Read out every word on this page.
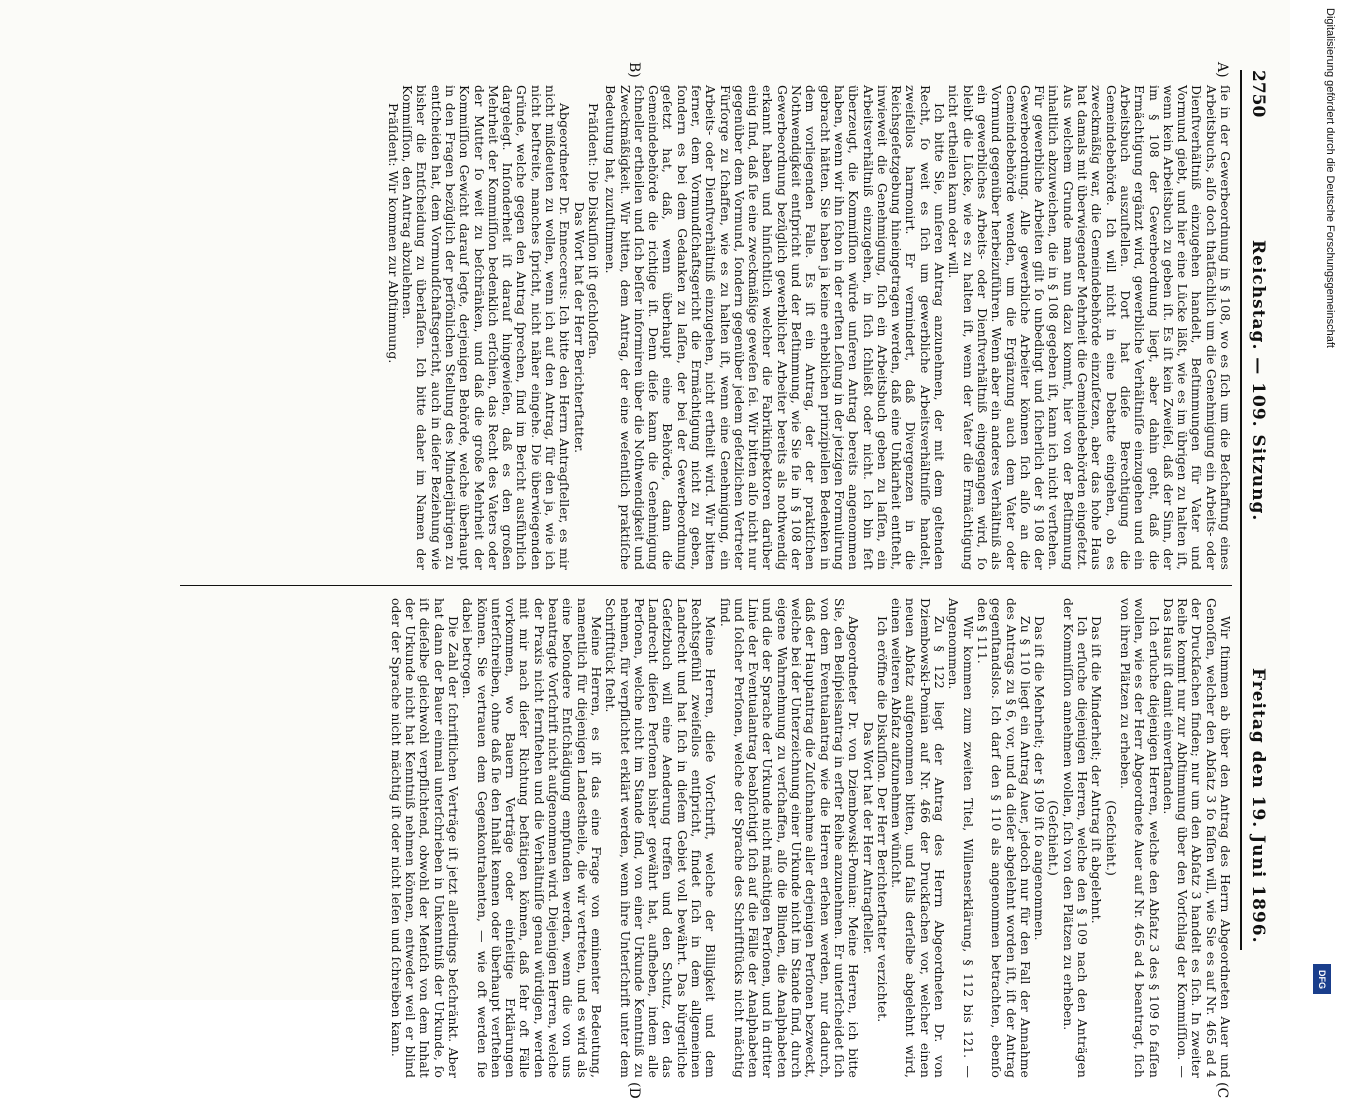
2750
Reichstag. — 109. Sitzung.
Freitag den 19. Juni 1896.
A)
B)
(C
(D

ſie in der Gewerbeordnung in § 108, wo es ſich um die Beſchaffung eines Arbeitsbuchs, alſo doch thatſächlich um die Genehmigung ein Arbeits- oder Dienſtverhältniß einzugehen handelt, Beſtimmungen für Vater und Vormund giebt, und hier eine Lücke läßt, wie es im übrigen zu halten iſt, wenn kein Arbeitsbuch zu geben iſt. Es iſt kein Zweifel, daß der Sinn, der im § 108 der Gewerbeordnung liegt, aber dahin geht, daß die Ermächtigung ergänzt wird, gewerbliche Verhältniſſe einzugehen und ein Arbeitsbuch auszuſtellen. Dort hat dieſe Berechtigung die Gemeindebehörde. Ich will nicht in eine Debatte eingehen, ob es zweckmäßig war, die Gemeindebehörde einzuſetzen, aber das hohe Haus hat damals mit überwiegender Mehrheit die Gemeindebehörden eingeſetzt. Aus welchem Grunde man nun dazu kommt, hier von der Beſtimmung inhaltlich abzuweichen, die in § 108 gegeben iſt, kann ich nicht verſtehen. Für gewerbliche Arbeiten gilt ſo unbedingt und ſicherlich der § 108 der Gewerbeordnung. Alle gewerbliche Arbeiter können ſich alſo an die Gemeindebehörde wenden, um die Ergänzung auch dem Vater oder Vormund gegenüber herbeizuführen. Wenn aber ein anderes Verhältniß als ein gewerbliches Arbeits- oder Dienſtverhältniß eingegangen wird, ſo bleibt die Lücke, wie es zu halten iſt, wenn der Vater die Ermächtigung nicht ertheilen kann oder will.

Ich bitte Sie, unſeren Antrag anzunehmen, der mit dem geltenden Recht, ſo weit es ſich um gewerbliche Arbeitsverhältniſſe handelt, zweifellos harmonirt. Er vermindert, daß Divergenzen in die Reichsgeſetzgebung hineingetragen werden, daß eine Unklarheit entſteht, inwieweit die Genehmigung, ſich ein Arbeitsbuch geben zu laſſen, ein Arbeitsverhältniß einzugehen, in ſich ſchließt oder nicht. Ich bin feſt überzeugt, die Kommiſſion würde unſeren Antrag bereits angenommen haben, wenn wir ihn ſchon in der erſten Leſung in der jetzigen Formulirung gebracht hätten. Sie haben ja keine erheblichen prinzipiellen Bedenken in dem vorliegenden Falle. Es iſt ein Antrag, der der praktiſchen Nothwendigkeit entſpricht und der Beſtimmung, wie Sie ſie in § 108 der Gewerbeordnung bezüglich gewerblicher Arbeiter bereits als nothwendig erkannt haben und hinſichtlich welcher die Fabrikinſpektoren darüber einig ſind, daß ſie eine zweckmäßige geweſen ſei. Wir bitten alſo nicht nur gegenüber dem Vormund, ſondern gegenüber jedem geſetzlichen Vertreter Fürſorge zu ſchaffen, wie es zu halten iſt, wenn eine Genehmigung, ein Arbeits- oder Dienſtverhältniß einzugehen, nicht ertheilt wird. Wir bitten ferner, dem Vormundſchaftsgericht die Ermächtigung nicht zu geben, ſondern es bei dem Gedanken zu laſſen, der bei der Gewerbeordnung geſetzt hat, daß, wenn überhaupt eine Behörde, dann die Gemeindebehörde die richtige iſt. Denn dieſe kann die Genehmigung ſchneller ertheilen und ſich beſſer informiren über die Nothwendigkeit und Zweckmäßigkeit. Wir bitten, dem Antrag, der eine weſentlich praktiſche Bedeutung hat, zuzuſtimmen.

Präſident: Die Diskuſſion iſt geſchloſſen.

Das Wort hat der Herr Berichterſtatter.

Abgeordneter Dr. Enneccerus: Ich bitte den Herrn Antragſteller, es mir nicht mißdeuten zu wollen, wenn ich auf den Antrag, für den ja, wie ich nicht beſtreite, manches ſpricht, nicht näher eingehe. Die überwiegenden Gründe, welche gegen den Antrag ſprechen, ſind im Bericht ausführlich dargelegt. Inſonderheit iſt darauf hingewieſen, daß es den großen Mehrheit der Kommiſſion bedenklich erſchien, das Recht des Vaters oder der Mutter ſo weit zu beſchränken, und daß die große Mehrheit der Kommiſſion Gewicht darauf legte, derjenigen Behörde, welche überhaupt in den Fragen bezüglich der perſönlichen Stellung des Minderjährigen zu entſcheiden hat, dem Vormundſchaftsgericht, auch in dieſer Beziehung wie bisher die Entſcheidung zu überlaſſen. Ich bitte daher im Namen der Kommiſſion, den Antrag abzulehnen.

Präſident: Wir kommen zur Abſtimmung.

Wir ſtimmen ab über den Antrag des Herrn Abgeordneten Auer und Genoſſen, welcher den Abſatz 3 ſo faſſen will, wie Sie es auf Nr. 465 ad 4 der Druckſachen finden; nur um den Abſatz 3 handelt es ſich. In zweiter Reihe kommt nur zur Abſtimmung über den Vorſchlag der Kommiſſion. — Das Haus iſt damit einverſtanden.

Ich erſuche diejenigen Herren, welche den Abſatz 3 des § 109 ſo faſſen wollen, wie es der Herr Abgeordnete Auer auf Nr. 465 ad 4 beantragt, ſich von ihren Plätzen zu erheben.

(Geſchieht.)

Das iſt die Minderheit; der Antrag iſt abgelehnt.

Ich erſuche diejenigen Herren, welche den § 109 nach den Anträgen der Kommiſſion annehmen wollen, ſich von den Plätzen zu erheben.

(Geſchieht.)

Das iſt die Mehrheit; der § 109 iſt ſo angenommen.

Zu § 110 liegt ein Antrag Auer, jedoch nur für den Fall der Annahme des Antrags zu § 6, vor, und da dieſer abgelehnt worden iſt, iſt der Antrag gegenſtandslos. Ich darf den § 110 als angenommen betrachten, ebenſo den § 111.

Wir kommen zum zweiten Titel, Willenserklärung, § 112 bis 121. — Angenommen.

Zu § 122 liegt der Antrag des Herrn Abgeordneten Dr. von Dziembowski-Pomian auf Nr. 466 der Druckſachen vor, welcher einen neuen Abſatz aufgenommen bitten, und falls derſelbe abgelehnt wird, einen weiteren Abſatz aufzunehmen wünſcht.

Ich eröffne die Diskuſſion. Der Herr Berichterſtatter verzichtet.

Das Wort hat der Herr Antragſteller.

Abgeordneter Dr. von Dziembowski-Pomian: Meine Herren, ich bitte Sie, den Beiſpielsantrag in erſter Reihe anzunehmen. Er unterſcheidet ſich von dem Eventualantrag wie die Herren erſehen werden, nur dadurch, daß der Hauptantrag die Zuſchnahme aller derjenigen Perſonen bezweckt, welche bei der Unterzeichnung einer Urkunde nicht im Stande ſind, durch eigene Wahrnehmung zu verſchaffen, alſo die Blinden, die Analphabeten und die der Sprache der Urkunde nicht mächtigen Perſonen, und in dritter Linie der Eventualantrag beabſichtigt ſich auf die Fälle der Analphabeten und ſolcher Perſonen, welche der Sprache des Schriftſtücks nicht mächtig ſind.

Meine Herren, dieſe Vorſchrift, welche der Billigkeit und dem Rechtsgefühl zweifellos entſpricht, findet ſich in dem allgemeinen Landrecht und hat ſich in dieſem Gebiet voll bewährt. Das bürgerliche Geſetzbuch will eine Aenderung treffen und den Schutz, den das Landrecht dieſen Perſonen bisher gewährt hat, aufheben, indem alle Perſonen, welche nicht im Stande ſind, von einer Urkunde Kenntniß zu nehmen, für verpflichtet erklärt werden, wenn ihre Unterſchrift unter dem Schriftſtück ſteht.

Meine Herren, es iſt das eine Frage von eminenter Bedeutung, namentlich für diejenigen Landestheile, die wir vertreten, und es wird als eine beſondere Entſchädigung empfunden werden, wenn die von uns beantragte Vorſchrift nicht aufgenommen wird. Diejenigen Herren, welche der Praxis nicht fernſtehen und die Verhältniſſe genau würdigen, werden mit mir nach dieſer Richtung beſtätigen können, daß ſehr oft Fälle vorkommen, wo Bauern Verträge oder einſeitige Erklärungen unterſchreiben, ohne daß ſie den Inhalt kennen oder überhaupt verſtehen können. Sie vertrauen dem Gegenkontrahenten, — wie oft werden ſie dabei betrogen.

Die Zahl der ſchriftlichen Verträge iſt jetzt allerdings beſchränkt. Aber hat dann der Bauer einmal unterſchrieben in Unkenntniß der Urkunde, ſo iſt dieſelbe gleichwohl verpflichtend, obwohl der Menſch von dem Inhalt der Urkunde nicht hat Kenntniß nehmen können, entweder weil er blind oder der Sprache nicht mächtig iſt oder nicht leſen und ſchreiben kann.

Digitalisierung gefördert durch die Deutsche Forschungsgemeinschaft
DFG
